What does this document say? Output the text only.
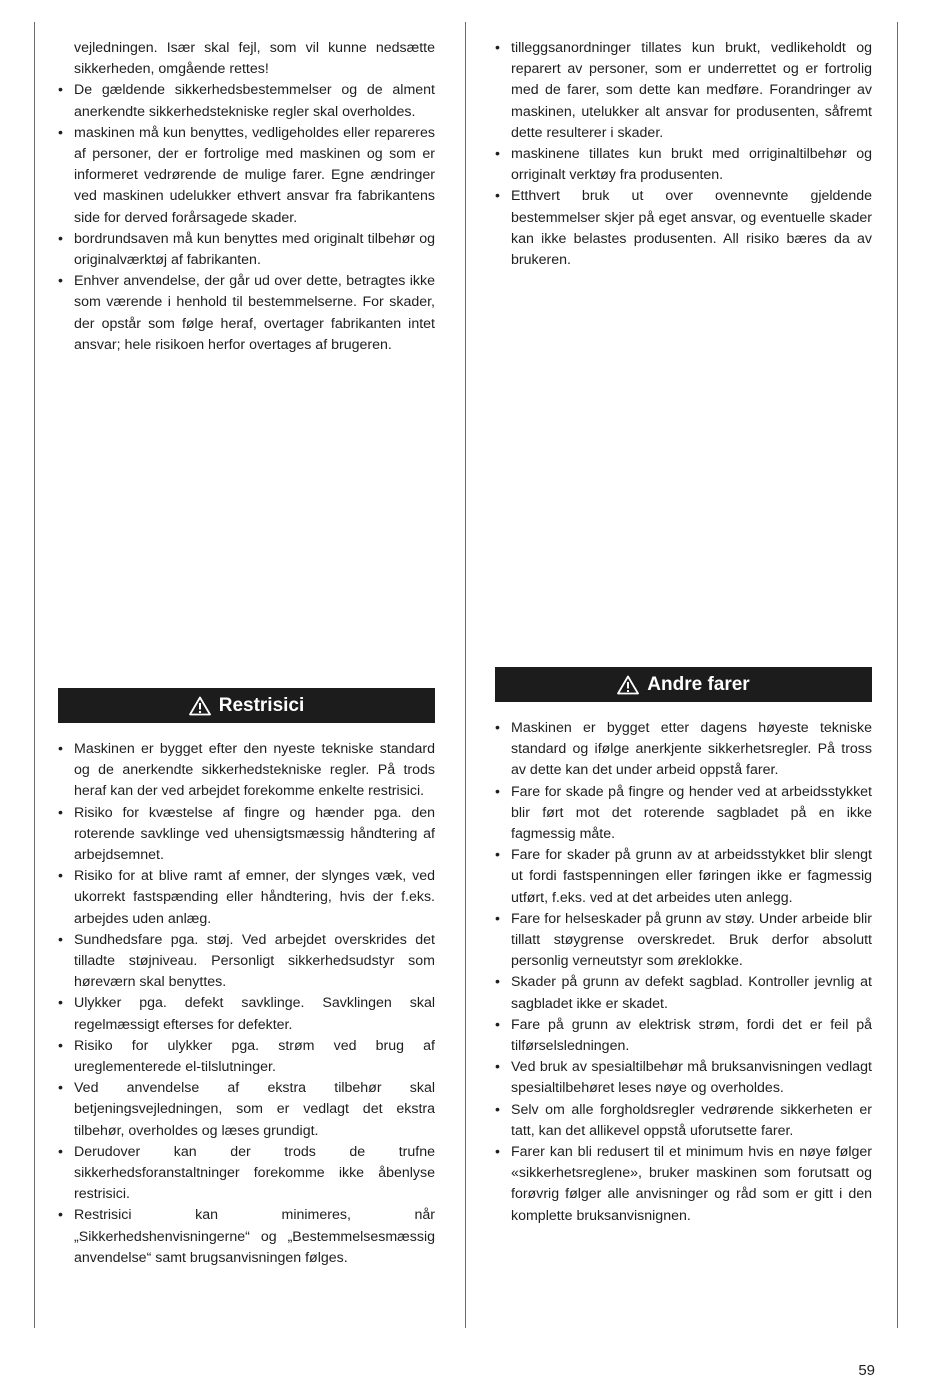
vejledningen. Især skal fejl, som vil kunne nedsætte sikkerheden, omgående rettes!

• De gældende sikkerhedsbestemmelser og de alment anerkendte sikkerhedstekniske regler skal overholdes.
• maskinen må kun benyttes, vedligeholdes eller repareres af personer, der er fortrolige med maskinen og som er informeret vedrørende de mulige farer. Egne ændringer ved maskinen udelukker ethvert ansvar fra fabrikantens side for derved forårsagede skader.
• bordrundsaven må kun benyttes med originalt tilbehør og originalværktøj af fabrikanten.
• Enhver anvendelse, der går ud over dette, betragtes ikke som værende i henhold til bestemmelserne. For skader, der opstår som følge heraf, overtager fabrikanten intet ansvar; hele risikoen herfor overtages af brugeren.
• tilleggsanordninger tillates kun brukt, vedlikeholdt og reparert av personer, som er underrettet og er fortrolig med de farer, som dette kan medføre. Forandringer av maskinen, utelukker alt ansvar for produsenten, såfremt dette resulterer i skader.
• maskinene tillates kun brukt med orriginaltilbehør og orriginalt verktøy fra produsenten.
• Etthvert bruk ut over ovennevnte gjeldende bestemmelser skjer på eget ansvar, og eventuelle skader kan ikke belastes produsenten. All risiko bæres da av brukeren.
Restrisici
• Maskinen er bygget efter den nyeste tekniske standard og de anerkendte sikkerhedstekniske regler. På trods heraf kan der ved arbejdet forekomme enkelte restrisici.
• Risiko for kvæstelse af fingre og hænder pga. den roterende savklinge ved uhensigtsmæssig håndtering af arbejdsemnet.
• Risiko for at blive ramt af emner, der slynges væk, ved ukorrekt fastspænding eller håndtering, hvis der f.eks. arbejdes uden anlæg.
• Sundhedsfare pga. støj. Ved arbejdet overskrides det tilladte støjniveau. Personligt sikkerhedsudstyr som høreværn skal benyttes.
• Ulykker pga. defekt savklinge. Savklingen skal regelmæssigt efterses for defekter.
• Risiko for ulykker pga. strøm ved brug af ureglementerede el-tilslutninger.
• Ved anvendelse af ekstra tilbehør skal betjeningsvejledningen, som er vedlagt det ekstra tilbehør, overholdes og læses grundigt.
• Derudover kan der trods de trufne sikkerhedsforanstaltninger forekomme ikke åbenlyse restrisici.
• Restrisici kan minimeres, når „Sikkerhedshenvisningerne“ og „Bestemmelsesmæssig anvendelse“ samt brugsanvisningen følges.
Andre farer
• Maskinen er bygget etter dagens høyeste tekniske standard og ifølge anerkjente sikkerhetsregler. På tross av dette kan det under arbeid oppstå farer.
• Fare for skade på fingre og hender ved at arbeidsstykket blir ført mot det roterende sagbladet på en ikke fagmessig måte.
• Fare for skader på grunn av at arbeidsstykket blir slengt ut fordi fastspenningen eller føringen ikke er fagmessig utført, f.eks. ved at det arbeides uten anlegg.
• Fare for helseskader på grunn av støy. Under arbeide blir tillatt støygrense overskredet. Bruk derfor absolutt personlig verneutstyr som øreklokke.
• Skader på grunn av defekt sagblad. Kontroller jevnlig at sagbladet ikke er skadet.
• Fare på grunn av elektrisk strøm, fordi det er feil på tilførselsledningen.
• Ved bruk av spesialtilbehør må bruksanvisningen vedlagt spesialtilbehøret leses nøye og overholdes.
• Selv om alle forgholdsregler vedrørende sikkerheten er tatt, kan det allikevel oppstå uforutsette farer.
• Farer kan bli redusert til et minimum hvis en nøye følger «sikkerhetsreglene», bruker maskinen som forutsatt og forøvrig følger alle anvisninger og råd som er gitt i den komplette bruksanvisnignen.
59
